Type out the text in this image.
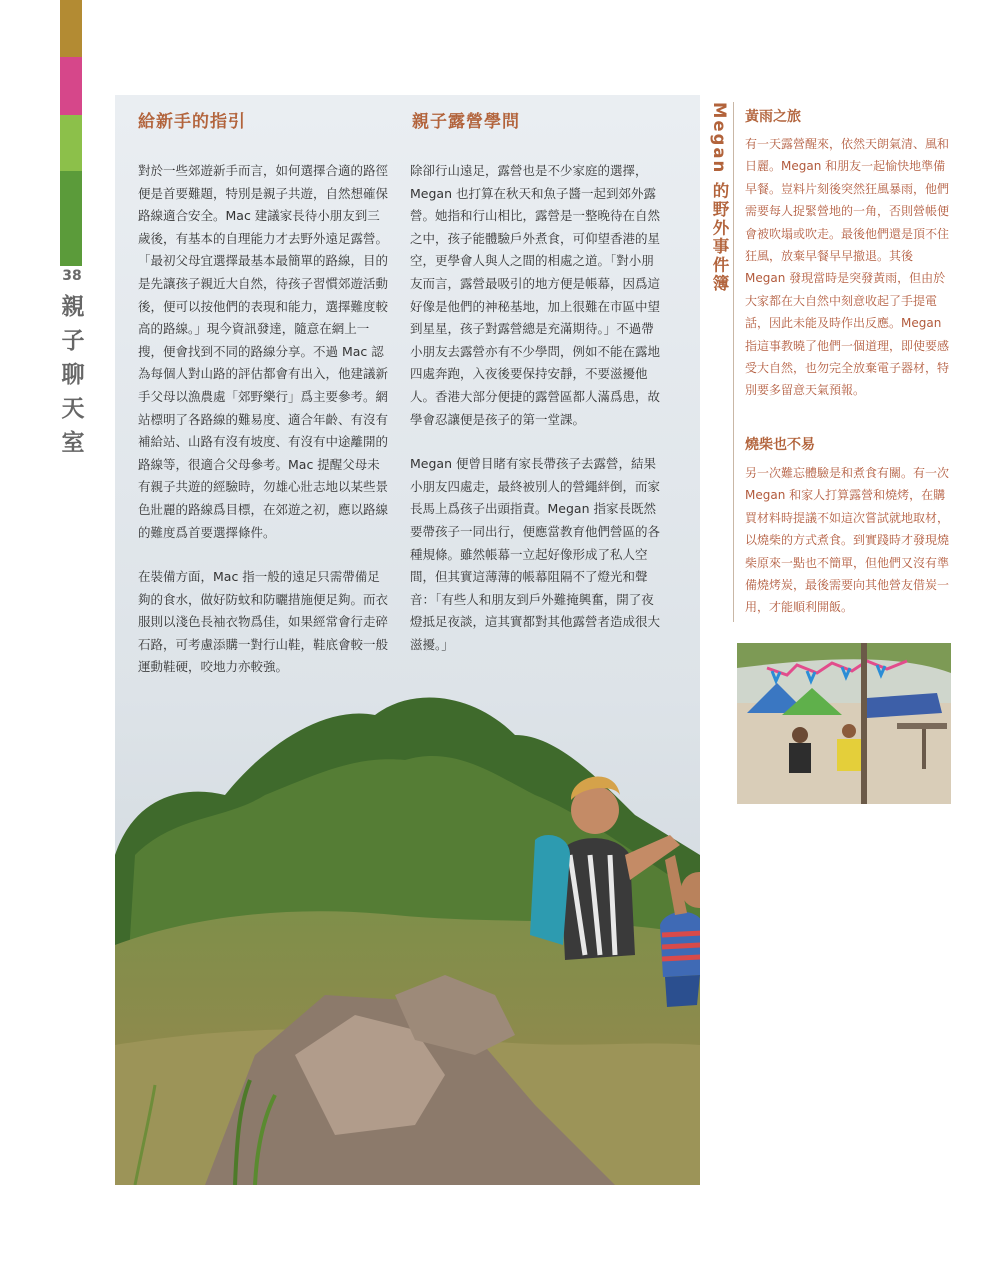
38
親
子
聊
天
室
給新手的指引

對於一些郊遊新手而言，如何選擇合適的路徑便是首要難題，特別是親子共遊，自然想確保路線適合安全。Mac 建議家長待小朋友到三歲後，有基本的自理能力才去野外遠足露營。「最初父母宜選擇最基本最簡單的路線，目的是先讓孩子親近大自然，待孩子習慣郊遊活動後，便可以按他們的表現和能力，選擇難度較高的路線。」現今資訊發達，隨意在網上一搜，便會找到不同的路線分享。不過 Mac 認為每個人對山路的評估都會有出入，他建議新手父母以漁農處「郊野樂行」爲主要參考。網站標明了各路線的難易度、適合年齡、有沒有補給站、山路有沒有坡度、有沒有中途離開的路線等，很適合父母參考。Mac 提醒父母未有親子共遊的經驗時，勿雄心壯志地以某些景色壯麗的路線爲目標，在郊遊之初，應以路線的難度爲首要選擇條件。

在裝備方面，Mac 指一般的遠足只需帶備足夠的食水，做好防蚊和防曬措施便足夠。而衣服則以淺色長袖衣物爲佳，如果經常會行走碎石路，可考慮添購一對行山鞋，鞋底會較一般運動鞋硬，咬地力亦較強。

親子露營學問

除卻行山遠足，露營也是不少家庭的選擇，Megan 也打算在秋天和魚子醬一起到郊外露營。她指和行山相比，露營是一整晚待在自然之中，孩子能體驗戶外煮食，可仰望香港的星空，更學會人與人之間的相處之道。「對小朋友而言，露營最吸引的地方便是帳幕，因爲這好像是他們的神秘基地，加上很難在市區中望到星星，孩子對露營總是充滿期待。」不過帶小朋友去露營亦有不少學問，例如不能在露地四處奔跑，入夜後要保持安靜，不要滋擾他人。香港大部分便捷的露營區都人滿爲患，故學會忍讓便是孩子的第一堂課。

Megan 便曾目睹有家長帶孩子去露營，結果小朋友四處走，最終被別人的營繩絆倒，而家長馬上爲孩子出頭指責。Megan 指家長既然要帶孩子一同出行，便應當教育他們營區的各種規條。雖然帳幕一立起好像形成了私人空間，但其實這薄薄的帳幕阻隔不了燈光和聲音：「有些人和朋友到戶外難掩興奮，開了夜燈抵足夜談，這其實都對其他露營者造成很大滋擾。」

Megan 的野外事件簿 黃雨之旅

有一天露營醒來，依然天朗氣清、風和日麗。Megan 和朋友一起愉快地準備早餐。豈料片刻後突然狂風暴雨，他們需要每人捉緊營地的一角，否則營帳便會被吹塌或吹走。最後他們還是頂不住狂風，放棄早餐早早撤退。其後 Megan 發現當時是突發黃雨，但由於大家都在大自然中刻意收起了手提電話，因此未能及時作出反應。Megan 指這事教曉了他們一個道理，即使要感受大自然，也勿完全放棄電子器材，特別要多留意天氣預報。

燒柴也不易

另一次難忘體驗是和煮食有關。有一次 Megan 和家人打算露營和燒烤，在購買材料時提議不如這次嘗試就地取材，以燒柴的方式煮食。到實踐時才發現燒柴原來一點也不簡單，但他們又沒有準備燒烤炭，最後需要向其他營友借炭一用，才能順利開飯。
